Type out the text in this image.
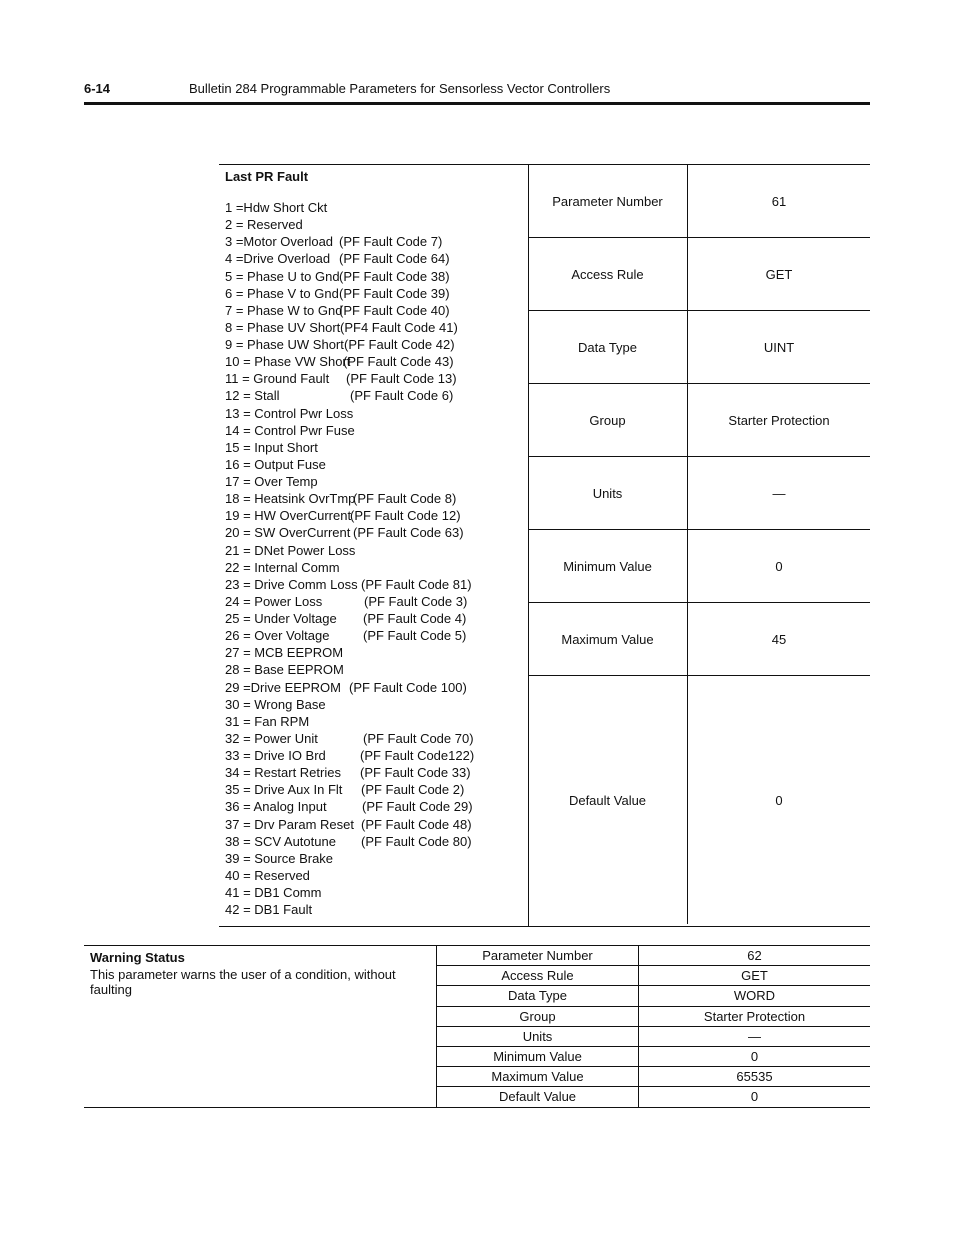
6-14	Bulletin 284 Programmable Parameters for Sensorless Vector Controllers
Last PR Fault
1 =Hdw Short Ckt
2 = Reserved
3 =Motor Overload (PF Fault Code 7)
4 =Drive Overload (PF Fault Code 64)
5 = Phase U to Gnd (PF Fault Code 38)
6 = Phase V to Gnd (PF Fault Code 39)
7 = Phase W to Gnd
(PF Fault Code 40)
8 = Phase UV Short (PF4 Fault Code 41)
9 = Phase UW Short (PF Fault Code 42)
10 = Phase VW Short
(PF Fault Code 43)
11 = Ground Fault (PF Fault Code 13)
12 = Stall	(PF Fault Code 6)
13 = Control Pwr Loss
14 = Control Pwr Fuse
15 = Input Short
16 = Output Fuse
17 = Over Temp
18 = Heatsink OvrTmp
(PF Fault Code 8)
19 = HW OverCurrent
(PF Fault Code 12)
20 = SW OverCurrent (PF Fault Code 63)
21 = DNet Power Loss
22 = Internal Comm
23 = Drive Comm Loss (PF Fault Code 81)
24 = Power Loss	(PF Fault Code 3)
25 = Under Voltage (PF Fault Code 4)
26 = Over Voltage	(PF Fault Code 5)
27 = MCB EEPROM
28 = Base EEPROM
29 =Drive EEPROM (PF Fault Code 100)
30 = Wrong Base
31 = Fan RPM
32 = Power Unit	(PF Fault Code 70)
33 = Drive IO Brd	(PF Fault Code122)
34 = Restart Retries (PF Fault Code 33)
35 = Drive Aux In Flt (PF Fault Code 2)
36 = Analog Input	(PF Fault Code 29)
37 = Drv Param Reset (PF Fault Code 48)
38 = SCV Autotune (PF Fault Code 80)
39 = Source Brake
40 = Reserved
41 = DB1 Comm
42 = DB1 Fault
Parameter Number	61
Access Rule	GET
Data Type	UINT
Group	Starter Protection
Units	—
Minimum Value	0
Maximum Value	45
Default Value	0
Warning Status
This parameter warns the user of a condition, without faulting
Parameter Number	62
Access Rule	GET
Data Type	WORD
Group	Starter Protection
Units	—
Minimum Value	0
Maximum Value	65535
Default Value	0
